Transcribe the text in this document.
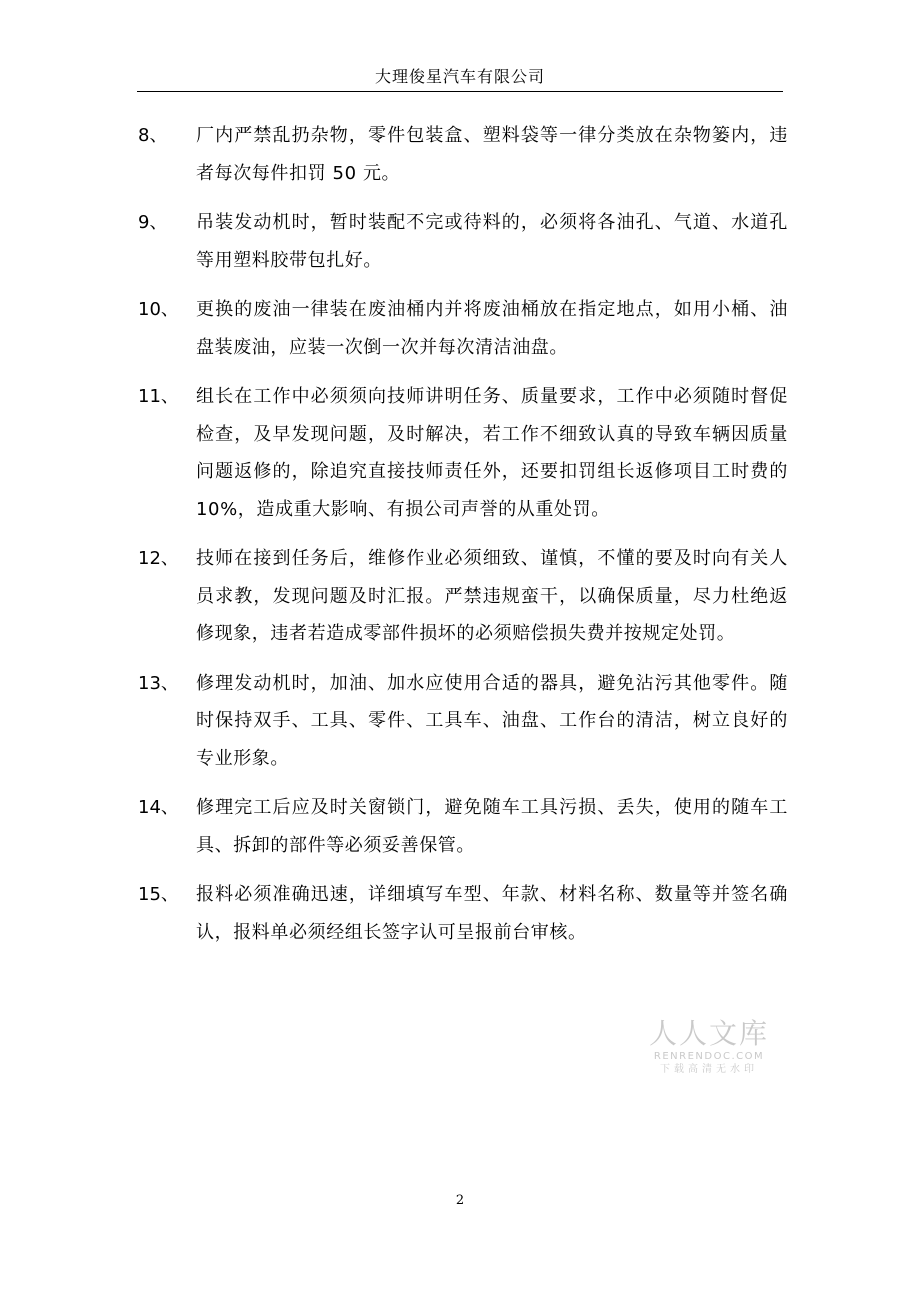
大理俊星汽车有限公司
8、 厂内严禁乱扔杂物，零件包装盒、塑料袋等一律分类放在杂物篓内，违者每次每件扣罚 50 元。
9、 吊装发动机时，暂时装配不完或待料的，必须将各油孔、气道、水道孔等用塑料胶带包扎好。
10、 更换的废油一律装在废油桶内并将废油桶放在指定地点，如用小桶、油盘装废油，应装一次倒一次并每次清洁油盘。
11、 组长在工作中必须须向技师讲明任务、质量要求，工作中必须随时督促检查，及早发现问题，及时解决，若工作不细致认真的导致车辆因质量问题返修的，除追究直接技师责任外，还要扣罚组长返修项目工时费的 10%，造成重大影响、有损公司声誉的从重处罚。
12、 技师在接到任务后，维修作业必须细致、谨慎，不懂的要及时向有关人员求教，发现问题及时汇报。严禁违规蛮干，以确保质量，尽力杜绝返修现象，违者若造成零部件损坏的必须赔偿损失费并按规定处罚。
13、 修理发动机时，加油、加水应使用合适的器具，避免沾污其他零件。随时保持双手、工具、零件、工具车、油盘、工作台的清洁，树立良好的专业形象。
14、 修理完工后应及时关窗锁门，避免随车工具污损、丢失，使用的随车工具、拆卸的部件等必须妥善保管。
15、 报料必须准确迅速，详细填写车型、年款、材料名称、数量等并签名确认，报料单必须经组长签字认可呈报前台审核。
人人文库
RENRENDOC.COM
下载高清无水印
2
